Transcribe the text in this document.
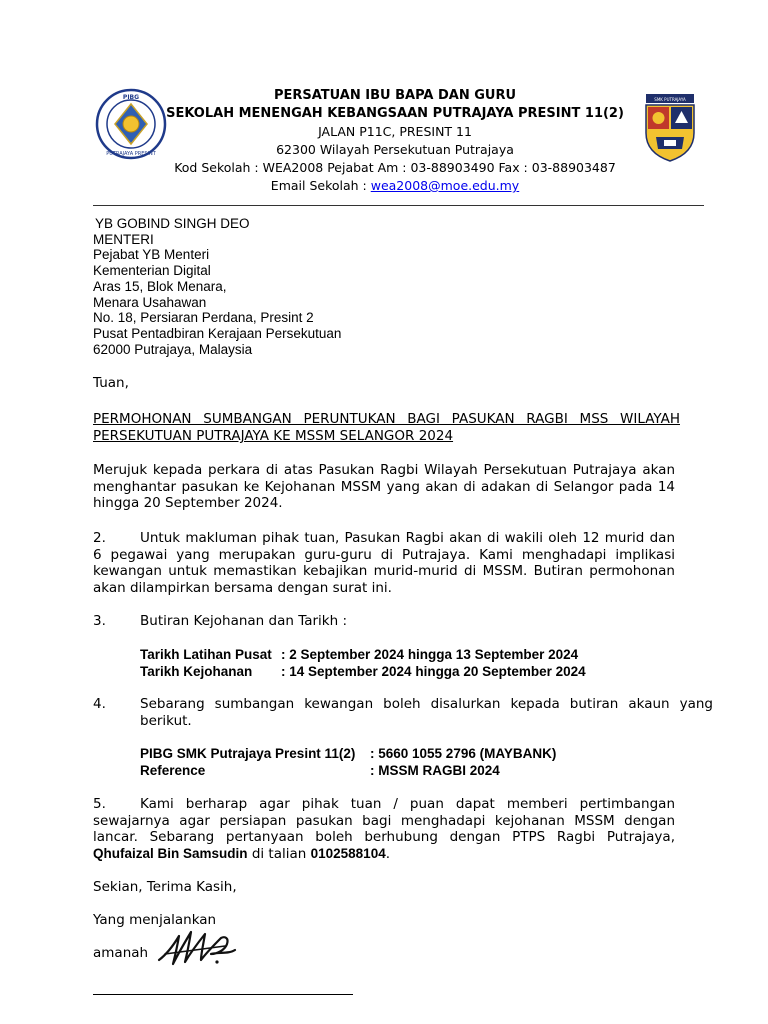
PIBG
PUTRAJAYA PRESINT
SMK PUTRAJAYA
PERSATUAN IBU BAPA DAN GURU
SEKOLAH MENENGAH KEBANGSAAN PUTRAJAYA PRESINT 11(2)
JALAN P11C, PRESINT 11
62300 Wilayah Persekutuan Putrajaya
Kod Sekolah : WEA2008 Pejabat Am : 03-88903490 Fax : 03-88903487
Email Sekolah : wea2008@moe.edu.my
YB GOBIND SINGH DEO
MENTERI
Pejabat YB Menteri
Kementerian Digital
Aras 15, Blok Menara,
Menara Usahawan
No. 18, Persiaran Perdana, Presint 2
Pusat Pentadbiran Kerajaan Persekutuan
62000 Putrajaya, Malaysia
Tuan,
PERMOHONAN SUMBANGAN PERUNTUKAN BAGI PASUKAN RAGBI MSS WILAYAH PERSEKUTUAN PUTRAJAYA KE MSSM SELANGOR 2024
Merujuk kepada perkara di atas Pasukan Ragbi Wilayah Persekutuan Putrajaya akan menghantar pasukan ke Kejohanan MSSM yang akan di adakan di Selangor pada 14 hingga 20 September 2024.
2.	Untuk makluman pihak tuan, Pasukan Ragbi akan di wakili oleh 12 murid dan 6 pegawai yang merupakan guru-guru di Putrajaya. Kami menghadapi implikasi kewangan untuk memastikan kebajikan murid-murid di MSSM. Butiran permohonan akan dilampirkan bersama dengan surat ini.
3.	Butiran Kejohanan dan Tarikh :
Tarikh Latihan Pusat : 2 September 2024 hingga 13 September 2024
Tarikh Kejohanan : 14 September 2024 hingga 20 September 2024
4.	Sebarang sumbangan kewangan boleh disalurkan kepada butiran akaun yang berikut.
PIBG SMK Putrajaya Presint 11(2) : 5660 1055 2796 (MAYBANK)
Reference	: MSSM RAGBI 2024
5.	Kami berharap agar pihak tuan / puan dapat memberi pertimbangan sewajarnya agar persiapan pasukan bagi menghadapi kejohanan MSSM dengan lancar. Sebarang pertanyaan boleh berhubung dengan PTPS Ragbi Putrajaya, Qhufaizal Bin Samsudin di talian 0102588104.
Sekian, Terima Kasih,
Yang menjalankan
amanah
